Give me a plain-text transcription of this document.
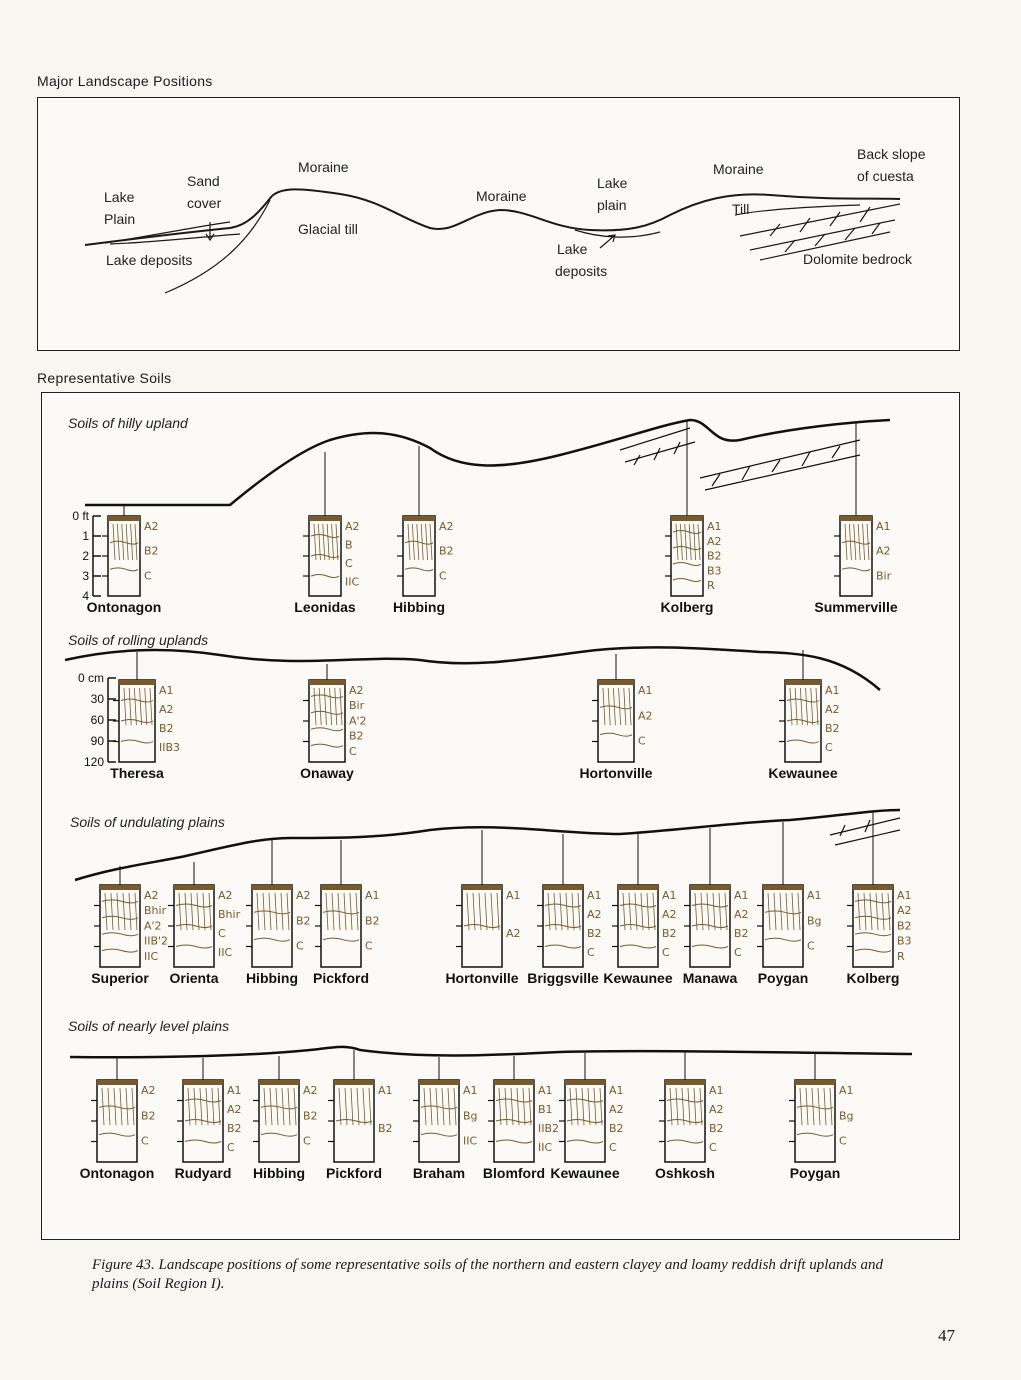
Major Landscape Positions
Representative Soils
Lake
Plain
Sand
cover
Lake deposits
Moraine
Glacial till
Moraine
Lake
plain
Lake
deposits
Moraine
Till
Back slope
of cuesta
Dolomite bedrock
Soils of hilly upland
Soils of rolling uplands
Soils of undulating plains
Soils of nearly level plains
0 ft
1
2
3
4
0 cm
30
60
90
120
A2
B2
C
Ontonagon
A2
B
C
IIC
Leonidas
A2
B2
C
Hibbing
A1
A2
B2
B3
R
Kolberg
A1
A2
Bir
Summerville
A1
A2
B2
IIB3
Theresa
A2
Bir
A'2
B2
C
Onaway
A1
A2
C
Hortonville
A1
A2
B2
C
Kewaunee
A2
Bhir
A'2
IIB'2
IIC
Superior
A2
Bhir
C
IIC
Orienta
A2
B2
C
Hibbing
A1
B2
C
Pickford
A1
A2
Hortonville
A1
A2
B2
C
Briggsville
A1
A2
B2
C
Kewaunee
A1
A2
B2
C
Manawa
A1
Bg
C
Poygan
A1
A2
B2
B3
R
Kolberg
A2
B2
C
Ontonagon
A1
A2
B2
C
Rudyard
A2
B2
C
Hibbing
A1
B2
Pickford
A1
Bg
IIC
Braham
A1
B1
IIB2
IIC
Blomford
A1
A2
B2
C
Kewaunee
A1
A2
B2
C
Oshkosh
A1
Bg
C
Poygan
Figure 43. Landscape positions of some representative soils of the northern and eastern clayey and loamy reddish drift uplands and plains (Soil Region I).
47
